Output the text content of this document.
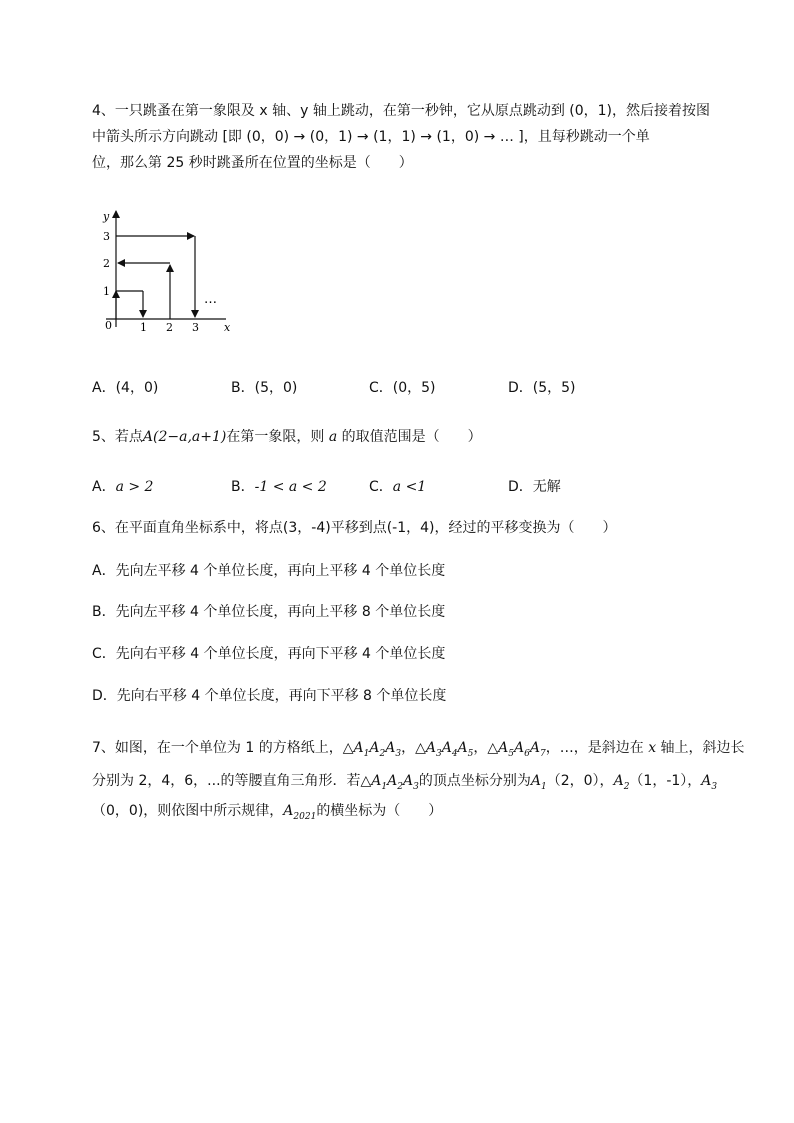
4、一只跳蚤在第一象限及 x 轴、y 轴上跳动，在第一秒钟，它从原点跳动到 (0，1)，然后接着按图
中箭头所示方向跳动 [即 (0，0) → (0，1) → (1，1) → (1，0) → … ]，且每秒跳动一个单
位，那么第 25 秒时跳蚤所在位置的坐标是（　　）
y
x
0
1
2
3
1 2 3
…
A．(4，0)	B．(5，0)	C．(0，5)	D．(5，5)
5、若点A(2−a,a+1)在第一象限，则 a 的取值范围是（　　）
A．a > 2	B．-1 < a < 2	C．a <1	D．无解
6、在平面直角坐标系中，将点(3，-4)平移到点(-1，4)，经过的平移变换为（　　）
A．先向左平移 4 个单位长度，再向上平移 4 个单位长度
B．先向左平移 4 个单位长度，再向上平移 8 个单位长度
C．先向右平移 4 个单位长度，再向下平移 4 个单位长度
D．先向右平移 4 个单位长度，再向下平移 8 个单位长度
7、如图，在一个单位为 1 的方格纸上，$\triangle A_1A_2A_3$，$\triangle A_3A_4A_5$，$\triangle A_5A_6A_7$，…，是斜边在 x 轴上，斜边长
分别为 2，4，6，...的等腰直角三角形．若$\triangle A_1A_2A_3$的顶点坐标分别为$A_1(2$，0），$A_2(1$，-1），$A_3$
（0，0)，则依图中所示规律，$A_{2021}$的横坐标为（　　）
